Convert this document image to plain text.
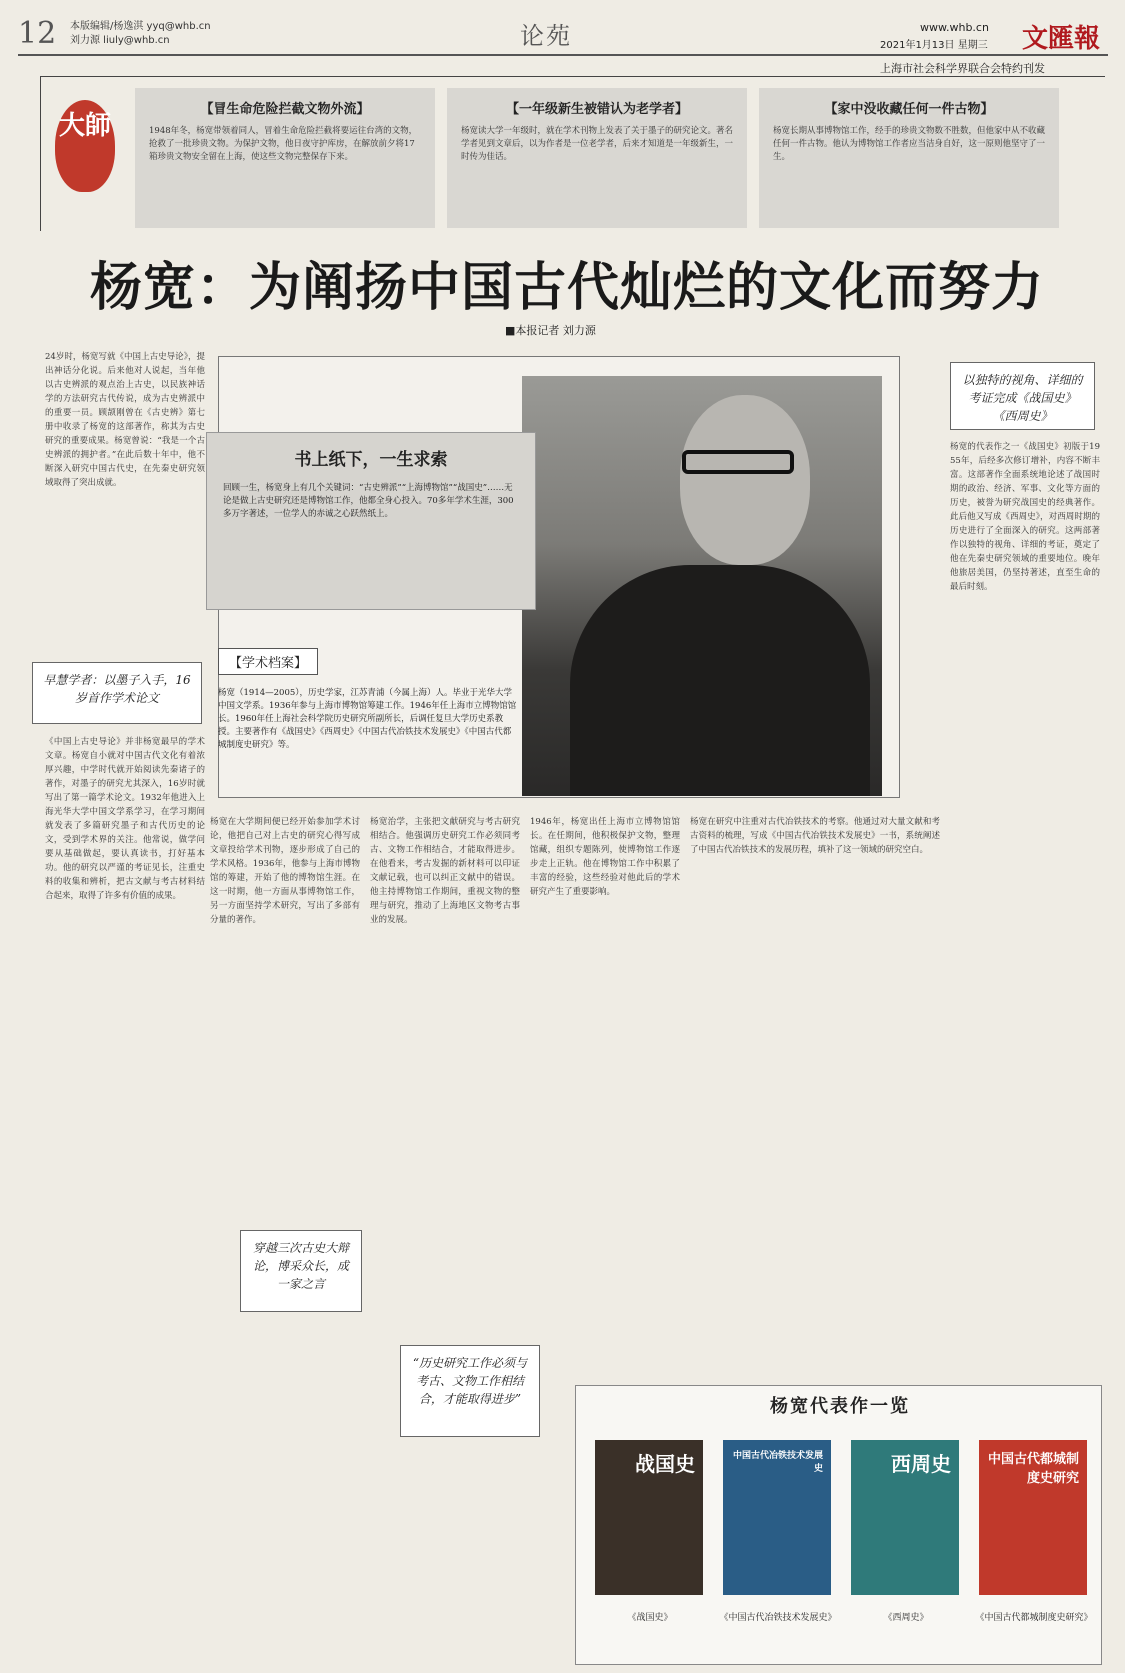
12 本版编辑/杨逸淇 yyq@whb.cn
刘力源 liuly@whb.cn	论苑	www.whb.cn
2021年1月13日 星期三 文匯報
上海市社会科学界联合会特约刊发
大師
【冒生命危险拦截文物外流】

1948年冬，杨宽带领着同人，冒着生命危险拦截将要运往台湾的文物，抢救了一批珍贵文物。为保护文物，他日夜守护库房，在解放前夕将17箱珍贵文物安全留在上海，使这些文物完整保存下来。

【一年级新生被错认为老学者】

杨宽读大学一年级时，就在学术刊物上发表了关于墨子的研究论文。著名学者见到文章后，以为作者是一位老学者，后来才知道是一年级新生，一时传为佳话。

【家中没收藏任何一件古物】

杨宽长期从事博物馆工作，经手的珍贵文物数不胜数，但他家中从不收藏任何一件古物。他认为博物馆工作者应当洁身自好，这一原则他坚守了一生。

杨宽：为阐扬中国古代灿烂的文化而努力
■本报记者 刘力源
24岁时，杨宽写就《中国上古史导论》，提出神话分化说。后来他对人说起，当年他以古史辨派的观点治上古史，以民族神话学的方法研究古代传说，成为古史辨派中的重要一员。顾颉刚曾在《古史辨》第七册中收录了杨宽的这部著作，称其为古史研究的重要成果。杨宽曾说：“我是一个古史辨派的拥护者。”在此后数十年中，他不断深入研究中国古代史，在先秦史研究领域取得了突出成就。
早慧学者：以墨子入手，16岁首作学术论文
《中国上古史导论》并非杨宽最早的学术文章。杨宽自小就对中国古代文化有着浓厚兴趣，中学时代就开始阅读先秦诸子的著作，对墨子的研究尤其深入，16岁时就写出了第一篇学术论文。1932年他进入上海光华大学中国文学系学习，在学习期间就发表了多篇研究墨子和古代历史的论文，受到学术界的关注。他常说，做学问要从基础做起，要认真读书，打好基本功。他的研究以严谨的考证见长，注重史料的收集和辨析，把古文献与考古材料结合起来，取得了许多有价值的成果。
书上纸下，一生求索

回顾一生，杨宽身上有几个关键词：“古史辨派”“上海博物馆”“战国史”……无论是做上古史研究还是博物馆工作，他都全身心投入。70多年学术生涯，300多万字著述，一位学人的赤诚之心跃然纸上。

【学术档案】

杨宽（1914—2005），历史学家，江苏青浦（今属上海）人。毕业于光华大学中国文学系。1936年参与上海市博物馆筹建工作。1946年任上海市立博物馆馆长。1960年任上海社会科学院历史研究所副所长，后调任复旦大学历史系教授。主要著作有《战国史》《西周史》《中国古代冶铁技术发展史》《中国古代都城制度史研究》等。

以独特的视角、详细的考证完成《战国史》《西周史》
杨宽的代表作之一《战国史》初版于1955年，后经多次修订增补，内容不断丰富。这部著作全面系统地论述了战国时期的政治、经济、军事、文化等方面的历史，被誉为研究战国史的经典著作。此后他又写成《西周史》，对西周时期的历史进行了全面深入的研究。这两部著作以独特的视角、详细的考证，奠定了他在先秦史研究领域的重要地位。晚年他旅居美国，仍坚持著述，直至生命的最后时刻。
杨宽在大学期间便已经开始参加学术讨论，他把自己对上古史的研究心得写成文章投给学术刊物，逐步形成了自己的学术风格。1936年，他参与上海市博物馆的筹建，开始了他的博物馆生涯。在这一时期，他一方面从事博物馆工作，另一方面坚持学术研究，写出了多部有分量的著作。
穿越三次古史大辩论，博采众长，成一家之言
杨宽治学，主张把文献研究与考古研究相结合。他强调历史研究工作必须同考古、文物工作相结合，才能取得进步。在他看来，考古发掘的新材料可以印证文献记载，也可以纠正文献中的错误。他主持博物馆工作期间，重视文物的整理与研究，推动了上海地区文物考古事业的发展。
“历史研究工作必须与考古、文物工作相结合，才能取得进步”
1946年，杨宽出任上海市立博物馆馆长。在任期间，他积极保护文物，整理馆藏，组织专题陈列，使博物馆工作逐步走上正轨。他在博物馆工作中积累了丰富的经验，这些经验对他此后的学术研究产生了重要影响。
杨宽在研究中注重对古代冶铁技术的考察。他通过对大量文献和考古资料的梳理，写成《中国古代冶铁技术发展史》一书，系统阐述了中国古代冶铁技术的发展历程，填补了这一领域的研究空白。
杨宽代表作一览
战国史	中国古代冶铁技术发展史	西周史	中国古代都城制度史研究
《战国史》	《中国古代冶铁技术发展史》	《西周史》	《中国古代都城制度史研究》
